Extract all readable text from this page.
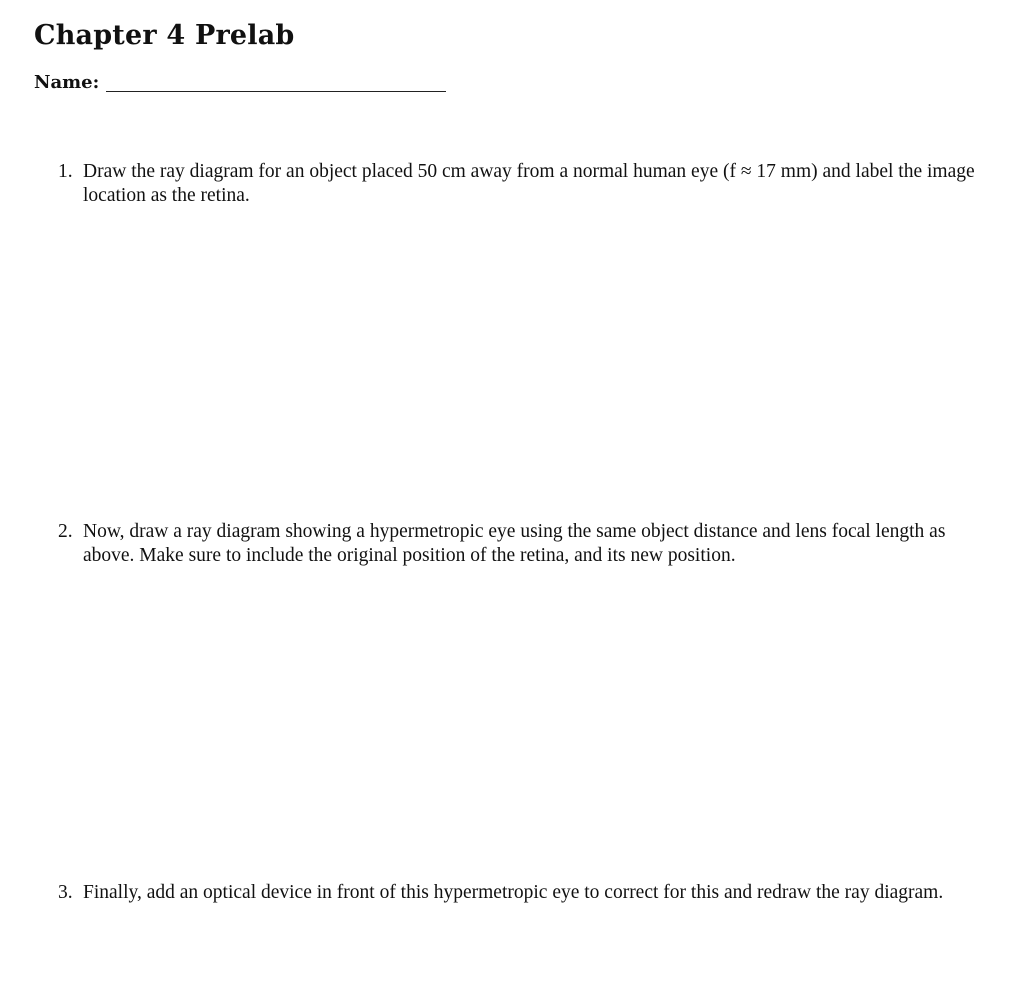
Chapter 4 Prelab
Name:
1. Draw the ray diagram for an object placed 50 cm away from a normal human eye (f ≈ 17 mm) and label the image location as the retina.
2. Now, draw a ray diagram showing a hypermetropic eye using the same object distance and lens focal length as above. Make sure to include the original position of the retina, and its new position.
3. Finally, add an optical device in front of this hypermetropic eye to correct for this and redraw the ray diagram.
